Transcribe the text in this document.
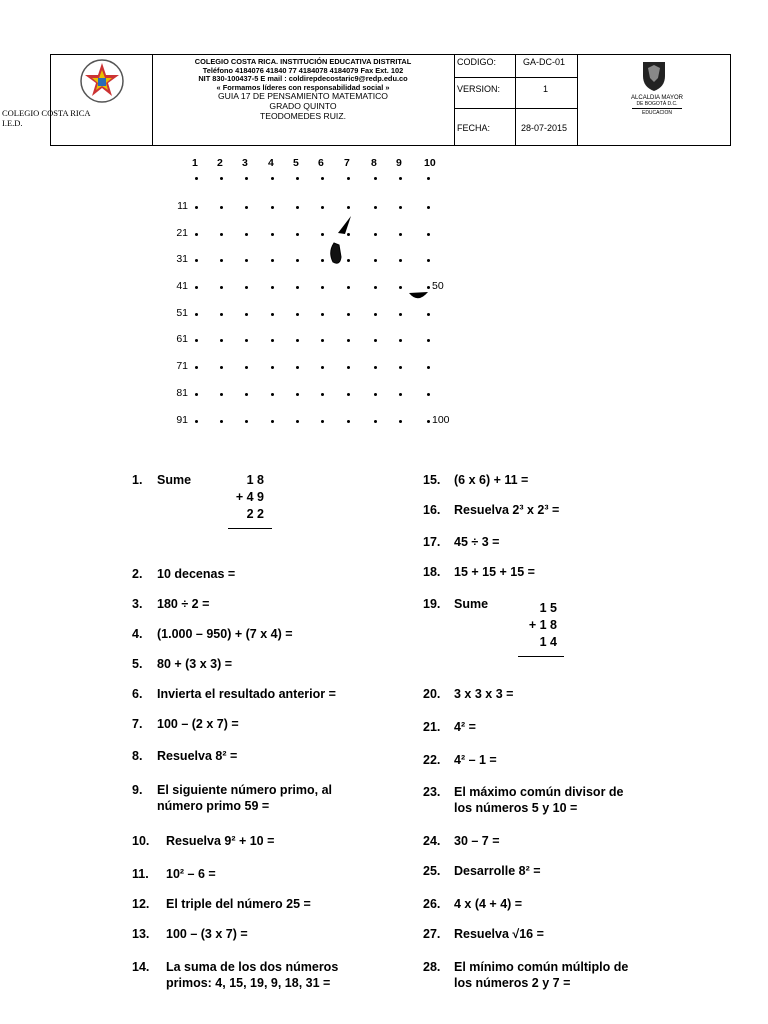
COLEGIO COSTA RICA. INSTITUCIÓN EDUCATIVA DISTRITAL
Teléfono 4184076 41840 77 4184078 4184079 Fax Ext. 102
NIT 830-100437-5 E mail : coldirepdecostaric9@redp.edu.co
« Formamos líderes con responsabilidad social »
GUIA 17 DE PENSAMIENTO MATEMATICO
GRADO QUINTO
TEODOMEDES RUIZ.
CODIGO:	GA-DC-01
VERSION:	1
FECHA:	28-07-2015
ALCALDIA MAYOR
DE BOGOTÁ D.C.
EDUCACION
COLEGIO COSTA RICA
I.E.D.
1 2 3 4 5 6 7 8 9 10
11
21
31
41
51
61
71
81
91
50
100
1. Sume
2. 10 decenas =
3. 180 ÷ 2 =
4. (1.000 – 950) + (7 x 4) =
5. 80 + (3 x 3) =
6. Invierta el resultado anterior =
7. 100 – (2 x 7) =
8. Resuelva 8² =
9. El siguiente número primo, al
número primo 59 =
10. Resuelva 9² + 10 =
11. 10² – 6 =
12. El triple del número 25 =
13. 100 – (3 x 7) =
14. La suma de los dos números
primos: 4, 15, 19, 9, 18, 31 =
15. (6 x 6) + 11 =
16. Resuelva 2³ x 2³ =
17. 45 ÷ 3 =
18. 15 + 15 + 15 =
19. Sume
20. 3 x 3 x 3 =
21. 4² =
22. 4² – 1 =
23. El máximo común divisor de
los números 5 y 10 =
24. 30 – 7 =
25. Desarrolle 8² =
26. 4 x (4 + 4) =
27. Resuelva √16 =
28. El mínimo común múltiplo de
los números 2 y 7 =
1 8
+ 4 9
2 2
1 5
+ 1 8
1 4
